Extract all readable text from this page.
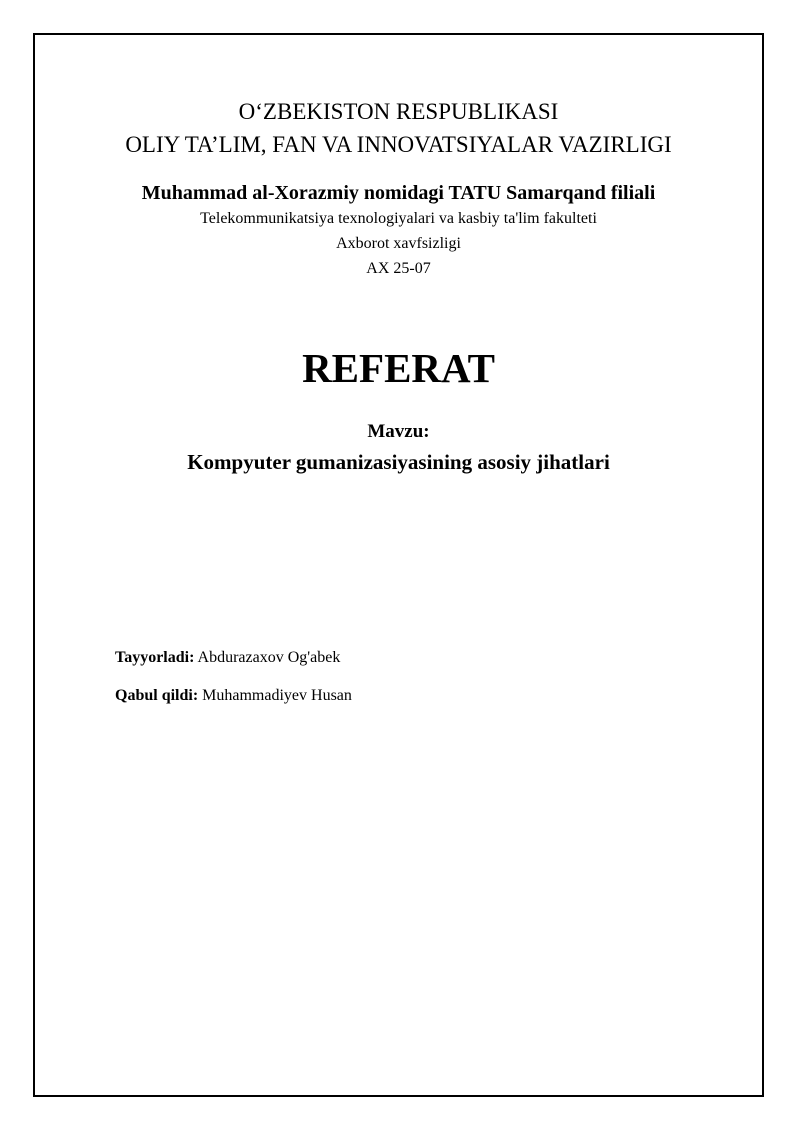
O‘ZBEKISTON RESPUBLIKASI

OLIY TA’LIM, FAN VA INNOVATSIYALAR VAZIRLIGI

Muhammad al-Xorazmiy nomidagi TATU Samarqand filiali

Telekommunikatsiya texnologiyalari va kasbiy ta'lim fakulteti

Axborot xavfsizligi

AX 25-07

REFERAT

Mavzu:

Kompyuter gumanizasiyasining asosiy jihatlari

Tayyorladi: Abdurazaxov Og'abek

Qabul qildi: Muhammadiyev Husan
